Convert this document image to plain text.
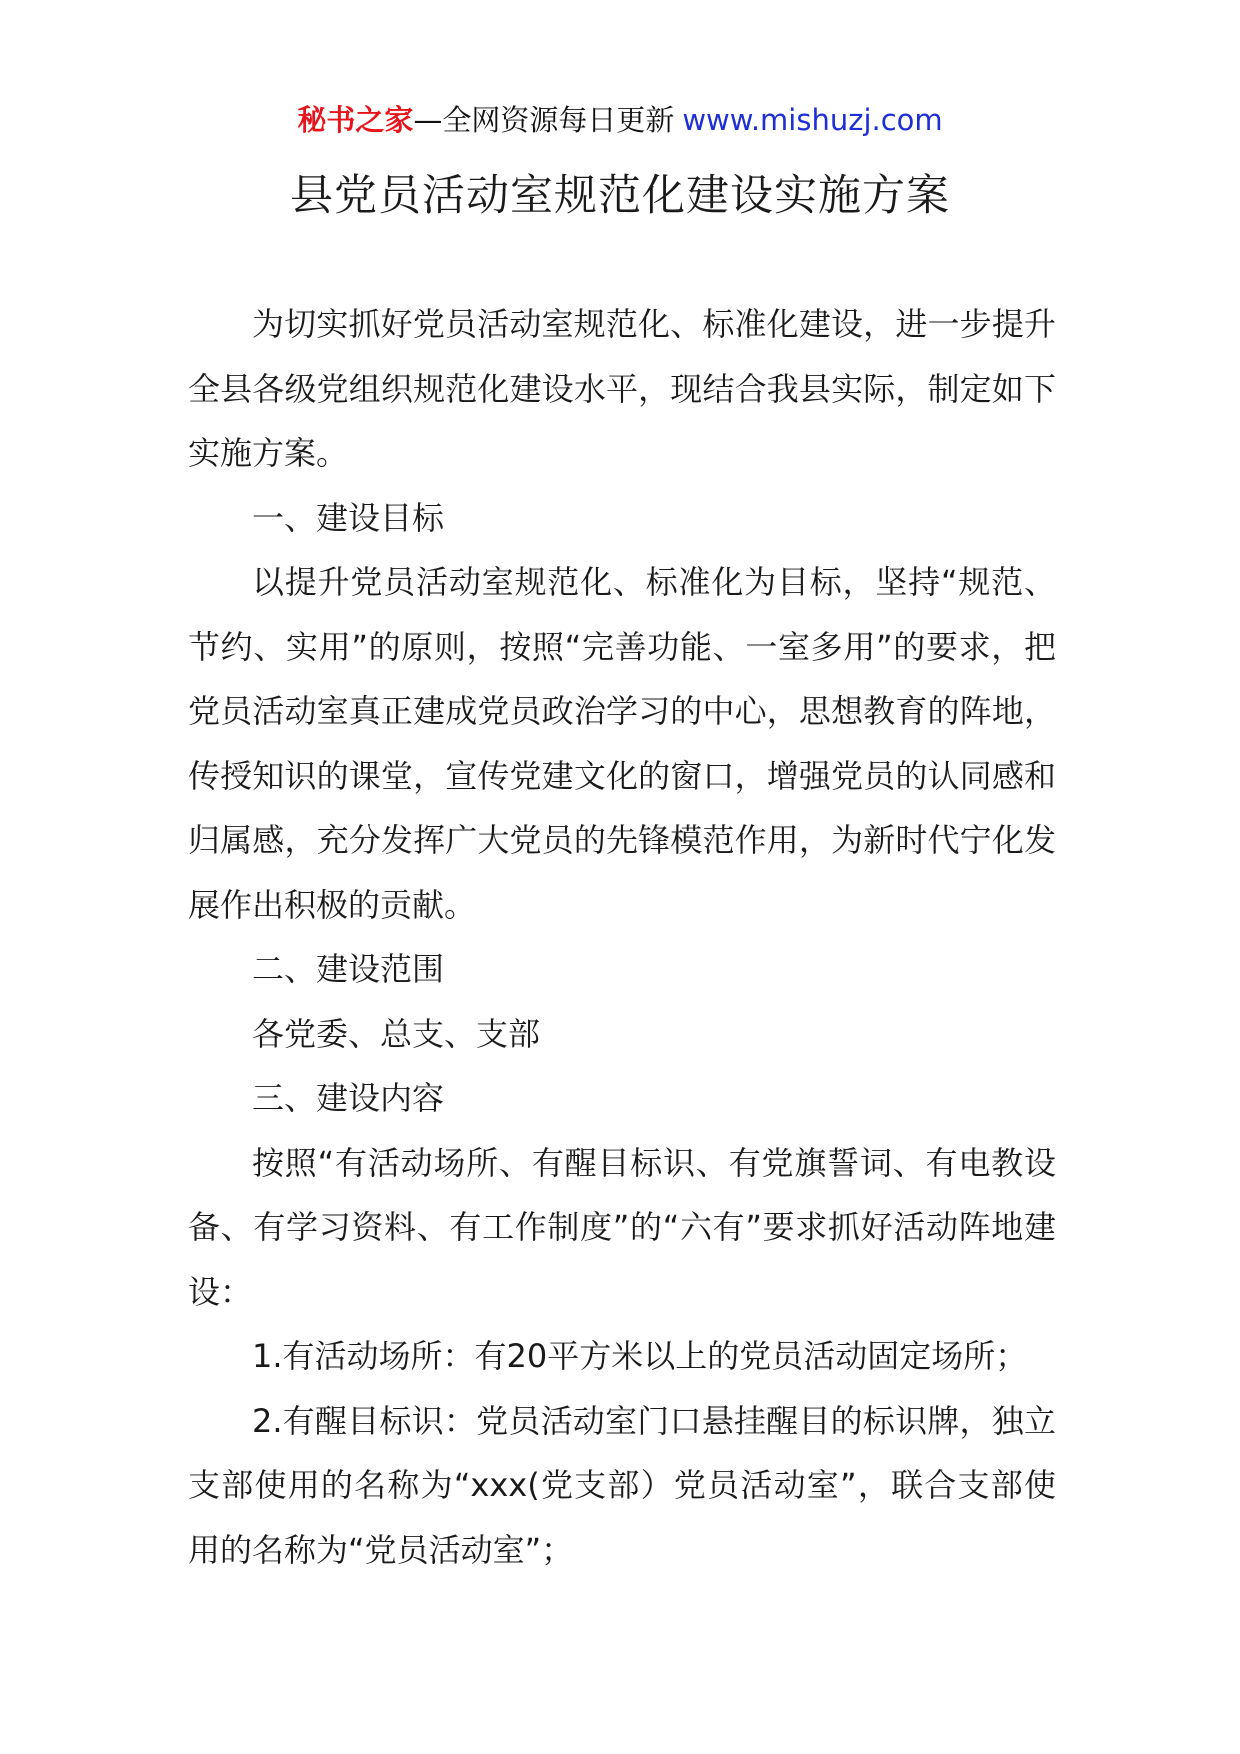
秘书之家—全网资源每日更新 www.mishuzj.com
县党员活动室规范化建设实施方案

为切实抓好党员活动室规范化、标准化建设，进一步提升全县各级党组织规范化建设水平，现结合我县实际，制定如下实施方案。

一、建设目标

以提升党员活动室规范化、标准化为目标，坚持“规范、节约、实用”的原则，按照“完善功能、一室多用”的要求，把党员活动室真正建成党员政治学习的中心，思想教育的阵地，传授知识的课堂，宣传党建文化的窗口，增强党员的认同感和归属感，充分发挥广大党员的先锋模范作用，为新时代宁化发展作出积极的贡献。

二、建设范围

各党委、总支、支部

三、建设内容

按照“有活动场所、有醒目标识、有党旗誓词、有电教设备、有学习资料、有工作制度”的“六有”要求抓好活动阵地建设：

1.有活动场所：有20平方米以上的党员活动固定场所；

2.有醒目标识：党员活动室门口悬挂醒目的标识牌，独立支部使用的名称为“xxx(党支部）党员活动室”，联合支部使用的名称为“党员活动室”；
